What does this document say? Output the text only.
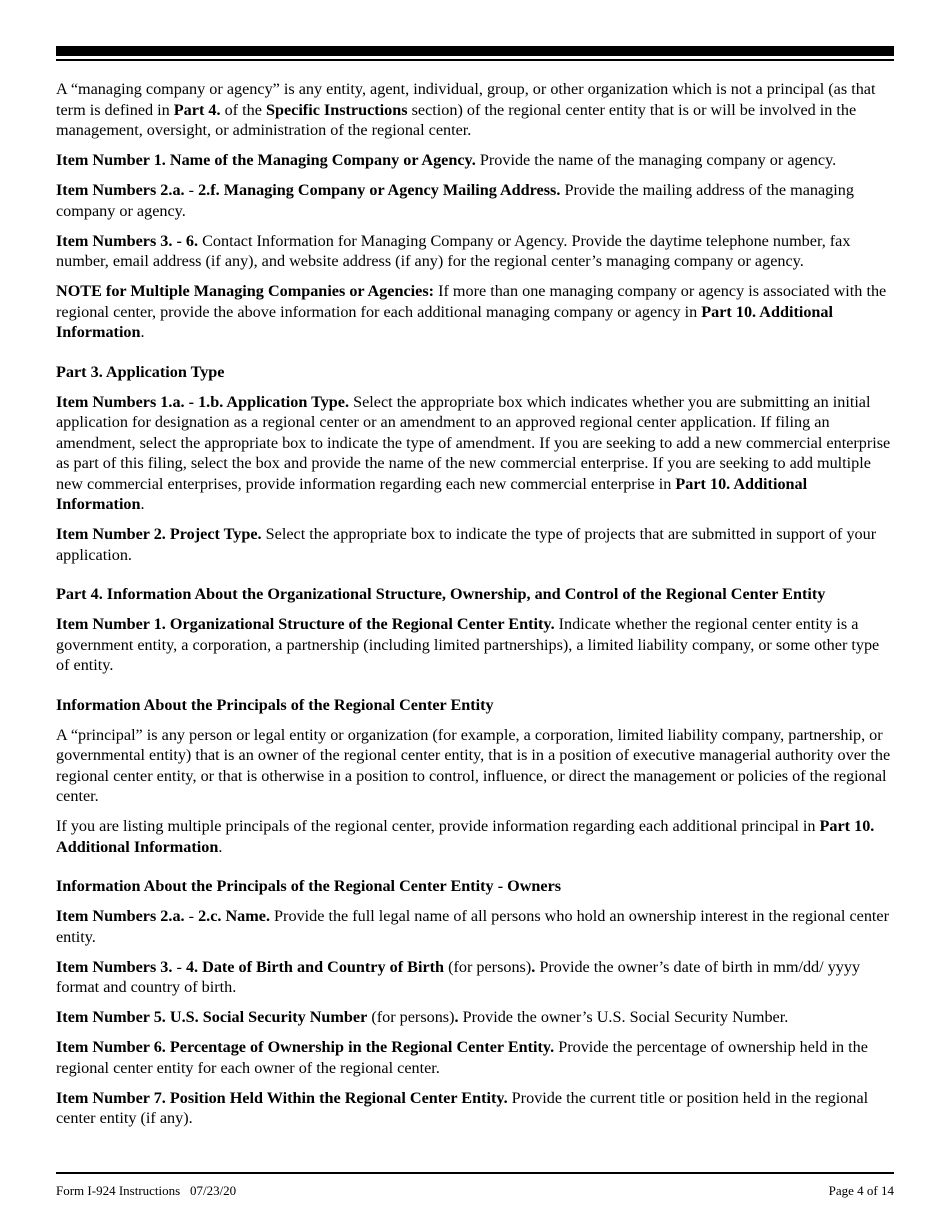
A “managing company or agency” is any entity, agent, individual, group, or other organization which is not a principal (as that term is defined in Part 4. of the Specific Instructions section) of the regional center entity that is or will be involved in the management, oversight, or administration of the regional center.

Item Number 1. Name of the Managing Company or Agency. Provide the name of the managing company or agency.

Item Numbers 2.a. - 2.f. Managing Company or Agency Mailing Address. Provide the mailing address of the managing company or agency.

Item Numbers 3. - 6. Contact Information for Managing Company or Agency. Provide the daytime telephone number, fax number, email address (if any), and website address (if any) for the regional center’s managing company or agency.

NOTE for Multiple Managing Companies or Agencies: If more than one managing company or agency is associated with the regional center, provide the above information for each additional managing company or agency in Part 10. Additional Information.

Part 3. Application Type

Item Numbers 1.a. - 1.b. Application Type. Select the appropriate box which indicates whether you are submitting an initial application for designation as a regional center or an amendment to an approved regional center application. If filing an amendment, select the appropriate box to indicate the type of amendment. If you are seeking to add a new commercial enterprise as part of this filing, select the box and provide the name of the new commercial enterprise. If you are seeking to add multiple new commercial enterprises, provide information regarding each new commercial enterprise in Part 10. Additional Information.

Item Number 2. Project Type. Select the appropriate box to indicate the type of projects that are submitted in support of your application.

Part 4. Information About the Organizational Structure, Ownership, and Control of the Regional Center Entity

Item Number 1. Organizational Structure of the Regional Center Entity. Indicate whether the regional center entity is a government entity, a corporation, a partnership (including limited partnerships), a limited liability company, or some other type of entity.

Information About the Principals of the Regional Center Entity

A “principal” is any person or legal entity or organization (for example, a corporation, limited liability company, partnership, or governmental entity) that is an owner of the regional center entity, that is in a position of executive managerial authority over the regional center entity, or that is otherwise in a position to control, influence, or direct the management or policies of the regional center.

If you are listing multiple principals of the regional center, provide information regarding each additional principal in Part 10. Additional Information.

Information About the Principals of the Regional Center Entity - Owners

Item Numbers 2.a. - 2.c. Name. Provide the full legal name of all persons who hold an ownership interest in the regional center entity.

Item Numbers 3. - 4. Date of Birth and Country of Birth (for persons). Provide the owner’s date of birth in mm/dd/ yyyy format and country of birth.

Item Number 5. U.S. Social Security Number (for persons). Provide the owner’s U.S. Social Security Number.

Item Number 6. Percentage of Ownership in the Regional Center Entity. Provide the percentage of ownership held in the regional center entity for each owner of the regional center.

Item Number 7. Position Held Within the Regional Center Entity. Provide the current title or position held in the regional center entity (if any).

Form I-924 Instructions   07/23/20	Page 4 of 14
